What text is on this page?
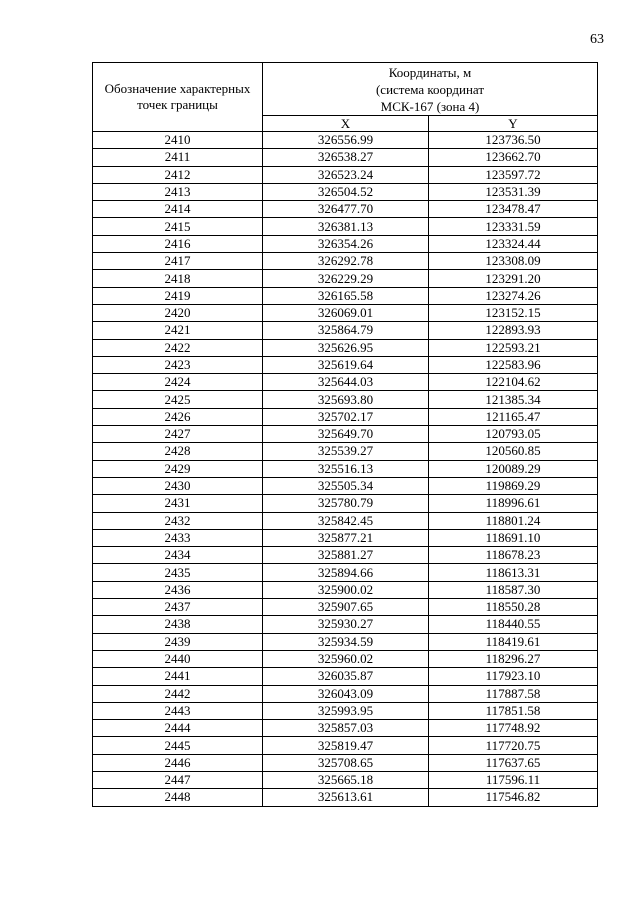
63
Обозначение характерных точек границы	Координаты, м
(система координат
МСК-167 (зона 4)	

	X	Y
2410	326556.99	123736.50
2411	326538.27	123662.70
2412	326523.24	123597.72
2413	326504.52	123531.39
2414	326477.70	123478.47
2415	326381.13	123331.59
2416	326354.26	123324.44
2417	326292.78	123308.09
2418	326229.29	123291.20
2419	326165.58	123274.26
2420	326069.01	123152.15
2421	325864.79	122893.93
2422	325626.95	122593.21
2423	325619.64	122583.96
2424	325644.03	122104.62
2425	325693.80	121385.34
2426	325702.17	121165.47
2427	325649.70	120793.05
2428	325539.27	120560.85
2429	325516.13	120089.29
2430	325505.34	119869.29
2431	325780.79	118996.61
2432	325842.45	118801.24
2433	325877.21	118691.10
2434	325881.27	118678.23
2435	325894.66	118613.31
2436	325900.02	118587.30
2437	325907.65	118550.28
2438	325930.27	118440.55
2439	325934.59	118419.61
2440	325960.02	118296.27
2441	326035.87	117923.10
2442	326043.09	117887.58
2443	325993.95	117851.58
2444	325857.03	117748.92
2445	325819.47	117720.75
2446	325708.65	117637.65
2447	325665.18	117596.11
2448	325613.61	117546.82
